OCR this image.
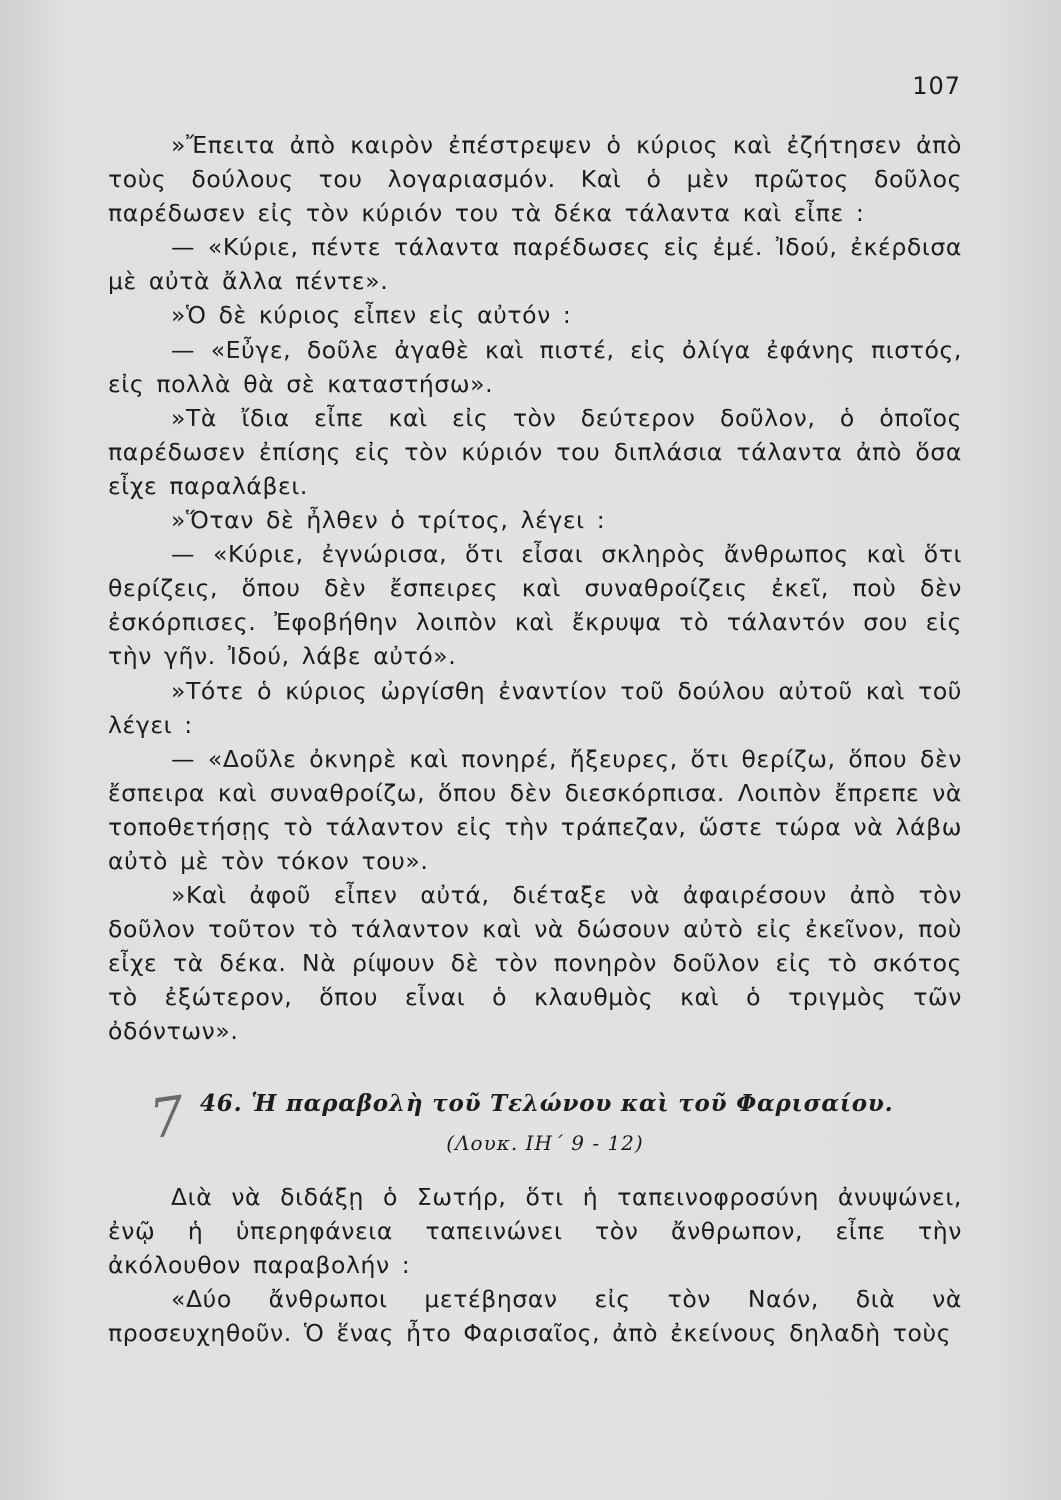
107

»Ἔπειτα ἀπὸ καιρὸν ἐπέστρεψεν ὁ κύριος καὶ ἐζήτησεν ἀπὸ τοὺς δούλους του λογαριασμόν. Καὶ ὁ μὲν πρῶτος δοῦλος παρέδωσεν εἰς τὸν κύριόν του τὰ δέκα τάλαντα καὶ εἶπε :

— «Κύριε, πέντε τάλαντα παρέδωσες εἰς ἐμέ. Ἰδού, ἐκέρδισα μὲ αὐτὰ ἄλλα πέντε».

»Ὁ δὲ κύριος εἶπεν εἰς αὐτόν :

— «Εὖγε, δοῦλε ἀγαθὲ καὶ πιστέ, εἰς ὀλίγα ἐφάνης πιστός, εἰς πολλὰ θὰ σὲ καταστήσω».

»Τὰ ἴδια εἶπε καὶ εἰς τὸν δεύτερον δοῦλον, ὁ ὁποῖος παρέδωσεν ἐπίσης εἰς τὸν κύριόν του διπλάσια τάλαντα ἀπὸ ὅσα εἶχε παραλάβει.

»Ὅταν δὲ ἦλθεν ὁ τρίτος, λέγει :

— «Κύριε, ἐγνώρισα, ὅτι εἶσαι σκληρὸς ἄνθρωπος καὶ ὅτι θερίζεις, ὅπου δὲν ἔσπειρες καὶ συναθροίζεις ἐκεῖ, ποὺ δὲν ἐσκόρπισες. Ἐφοβήθην λοιπὸν καὶ ἔκρυψα τὸ τάλαντόν σου εἰς τὴν γῆν. Ἰδού, λάβε αὐτό».

»Τότε ὁ κύριος ὠργίσθη ἐναντίον τοῦ δούλου αὐτοῦ καὶ τοῦ λέγει :

— «Δοῦλε ὀκνηρὲ καὶ πονηρέ, ἤξευρες, ὅτι θερίζω, ὅπου δὲν ἔσπειρα καὶ συναθροίζω, ὅπου δὲν διεσκόρπισα. Λοιπὸν ἔπρεπε νὰ τοποθετήσῃς τὸ τάλαντον εἰς τὴν τράπεζαν, ὥστε τώρα νὰ λάβω αὐτὸ μὲ τὸν τόκον του».

»Καὶ ἀφοῦ εἶπεν αὐτά, διέταξε νὰ ἀφαιρέσουν ἀπὸ τὸν δοῦλον τοῦτον τὸ τάλαντον καὶ νὰ δώσουν αὐτὸ εἰς ἐκεῖνον, ποὺ εἶχε τὰ δέκα. Νὰ ρίψουν δὲ τὸν πονηρὸν δοῦλον εἰς τὸ σκότος τὸ ἐξώτερον, ὅπου εἶναι ὁ κλαυθμὸς καὶ ὁ τριγμὸς τῶν ὀδόντων».

7 46. Ἡ παραβολὴ τοῦ Τελώνου καὶ τοῦ Φαρισαίου.
(Λουκ. ΙΗ΄ 9 - 12)

Διὰ νὰ διδάξῃ ὁ Σωτήρ, ὅτι ἡ ταπεινοφροσύνη ἀνυψώνει, ἐνῷ ἡ ὑπερηφάνεια ταπεινώνει τὸν ἄνθρωπον, εἶπε τὴν ἀκόλουθον παραβολήν :

«Δύο ἄνθρωποι μετέβησαν εἰς τὸν Ναόν, διὰ νὰ προσευχηθοῦν. Ὁ ἕνας ἦτο Φαρισαῖος, ἀπὸ ἐκείνους δηλαδὴ τοὺς
